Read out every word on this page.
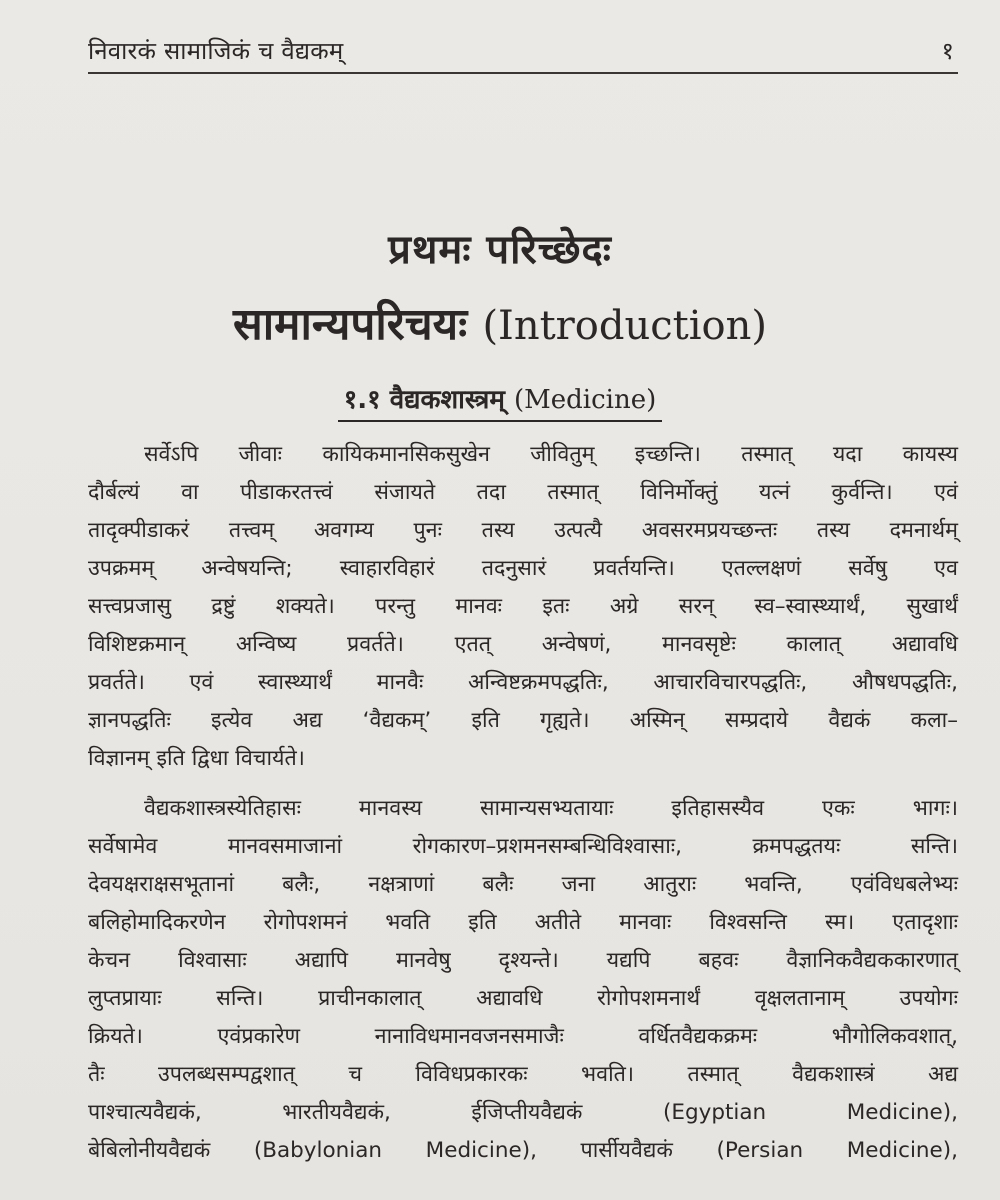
निवारकं सामाजिकं च वैद्यकम्	१
प्रथमः परिच्छेदः
सामान्यपरिचयः (Introduction)
१.१ वैद्यकशास्त्रम् (Medicine)
सर्वेऽपि जीवाः कायिकमानसिकसुखेन जीवितुम् इच्छन्ति। तस्मात् यदा कायस्य
दौर्बल्यं वा पीडाकरतत्त्वं संजायते तदा तस्मात् विनिर्मोक्तुं यत्नं कुर्वन्ति। एवं
तादृक्पीडाकरं तत्त्वम् अवगम्य पुनः तस्य उत्पत्यै अवसरमप्रयच्छन्तः तस्य दमनार्थम्
उपक्रमम् अन्वेषयन्ति; स्वाहारविहारं तदनुसारं प्रवर्तयन्ति। एतल्लक्षणं सर्वेषु एव
सत्त्वप्रजासु द्रष्टुं शक्यते। परन्तु मानवः इतः अग्रे सरन् स्व–स्वास्थ्यार्थं, सुखार्थं
विशिष्टक्रमान् अन्विष्य प्रवर्तते। एतत् अन्वेषणं, मानवसृष्टेः कालात् अद्यावधि
प्रवर्तते। एवं स्वास्थ्यार्थं मानवैः अन्विष्टक्रमपद्धतिः, आचारविचारपद्धतिः, औषधपद्धतिः,
ज्ञानपद्धतिः इत्येव अद्य ‘वैद्यकम्’ इति गृह्यते। अस्मिन् सम्प्रदाये वैद्यकं कला–
विज्ञानम् इति द्विधा विचार्यते।
वैद्यकशास्त्रस्येतिहासः मानवस्य सामान्यसभ्यतायाः इतिहासस्यैव एकः भागः।
सर्वेषामेव मानवसमाजानां रोगकारण–प्रशमनसम्बन्धिविश्वासाः, क्रमपद्धतयः सन्ति।
देवयक्षराक्षसभूतानां बलैः, नक्षत्राणां बलैः जना आतुराः भवन्ति, एवंविधबलेभ्यः
बलिहोमादिकरणेन रोगोपशमनं भवति इति अतीते मानवाः विश्वसन्ति स्म। एतादृशाः
केचन विश्वासाः अद्यापि मानवेषु दृश्यन्ते। यद्यपि बहवः वैज्ञानिकवैद्यककारणात्
लुप्तप्रायाः सन्ति। प्राचीनकालात् अद्यावधि रोगोपशमनार्थं वृक्षलतानाम् उपयोगः
क्रियते। एवंप्रकारेण नानाविधमानवजनसमाजैः वर्धितवैद्यकक्रमः भौगोलिकवशात्,
तैः उपलब्धसम्पद्वशात् च विविधप्रकारकः भवति। तस्मात् वैद्यकशास्त्रं अद्य
पाश्चात्यवैद्यकं, भारतीयवैद्यकं, ईजिप्तीयवैद्यकं (Egyptian Medicine),
बेबिलोनीयवैद्यकं (Babylonian Medicine), पार्सीयवैद्यकं (Persian Medicine),
